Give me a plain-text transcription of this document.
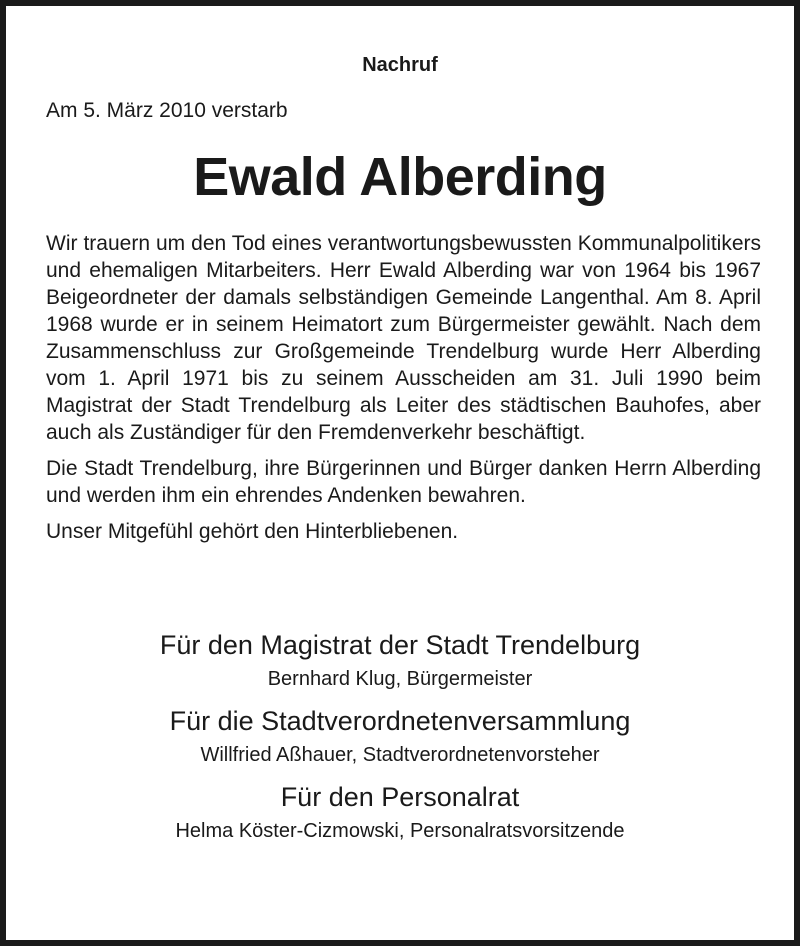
Nachruf
Am 5. März 2010 verstarb
Ewald Alberding

Wir trauern um den Tod eines verantwortungsbewussten Kommunalpolitikers und ehemaligen Mitarbeiters. Herr Ewald Alberding war von 1964 bis 1967 Beigeordneter der damals selbständigen Gemeinde Langenthal. Am 8. April 1968 wurde er in seinem Heimatort zum Bürgermeister gewählt. Nach dem Zusammenschluss zur Großgemeinde Trendelburg wurde Herr Alberding vom 1. April 1971 bis zu seinem Ausscheiden am 31. Juli 1990 beim Magistrat der Stadt Trendelburg als Leiter des städtischen Bauhofes, aber auch als Zuständiger für den Fremdenverkehr beschäftigt.

Die Stadt Trendelburg, ihre Bürgerinnen und Bürger danken Herrn Alberding und werden ihm ein ehrendes Andenken bewahren.

Unser Mitgefühl gehört den Hinterbliebenen.

Für den Magistrat der Stadt Trendelburg
Bernhard Klug, Bürgermeister
Für die Stadtverordnetenversammlung
Willfried Aßhauer, Stadtverordnetenvorsteher
Für den Personalrat
Helma Köster-Cizmowski, Personalratsvorsitzende
